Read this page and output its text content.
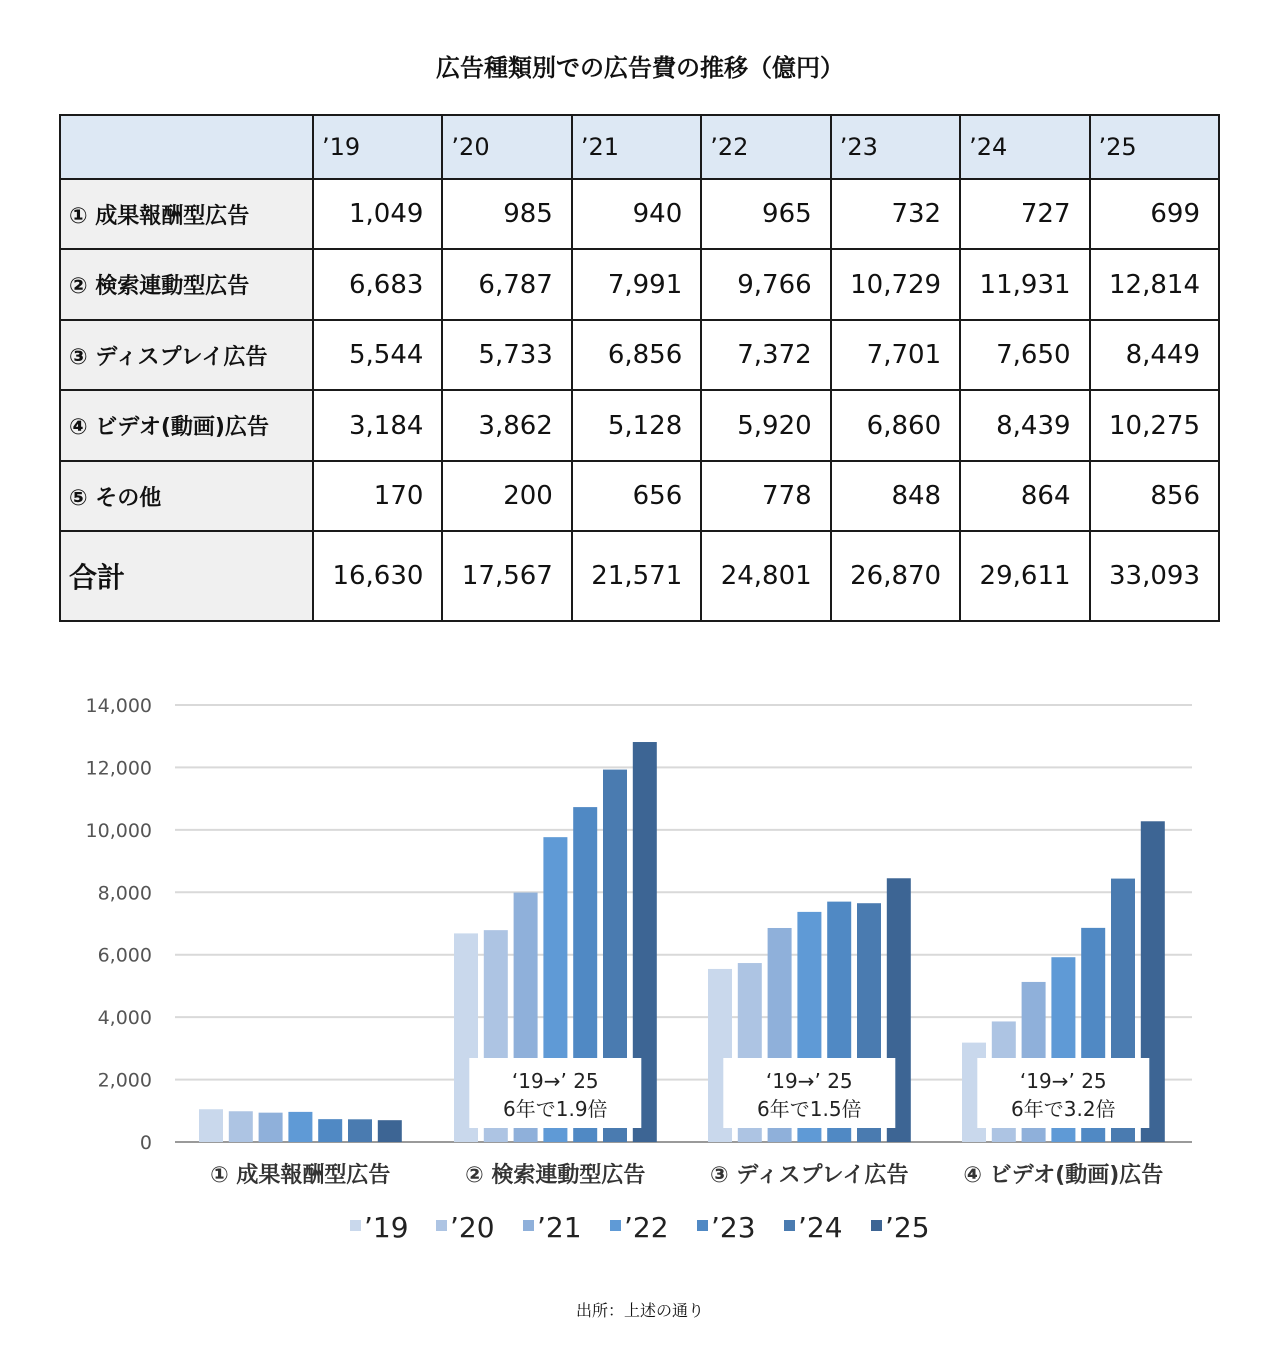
広告種類別での広告費の推移（億円）
	’19	’20	’21	’22	’23	’24	’25
① 成果報酬型広告	1,049	985	940	965	732	727	699
② 検索連動型広告	6,683	6,787	7,991	9,766	10,729	11,931	12,814
③ ディスプレイ広告	5,544	5,733	6,856	7,372	7,701	7,650	8,449
④ ビデオ(動画)広告	3,184	3,862	5,128	5,920	6,860	8,439	10,275
⑤ その他	170	200	656	778	848	864	856
合計	16,630	17,567	21,571	24,801	26,870	29,611	33,093
0
2,000
4,000
6,000
8,000
10,000
12,000
14,000
① 成果報酬型広告	② 検索連動型広告	③ ディスプレイ広告 ④ ビデオ(動画)広告
‘19→’ 25
6年で1.9倍
‘19→’ 25
6年で1.5倍
‘19→’ 25
6年で3.2倍
’19 ’20 ’21 ’22 ’23 ’24 ’25
出所：上述の通り
